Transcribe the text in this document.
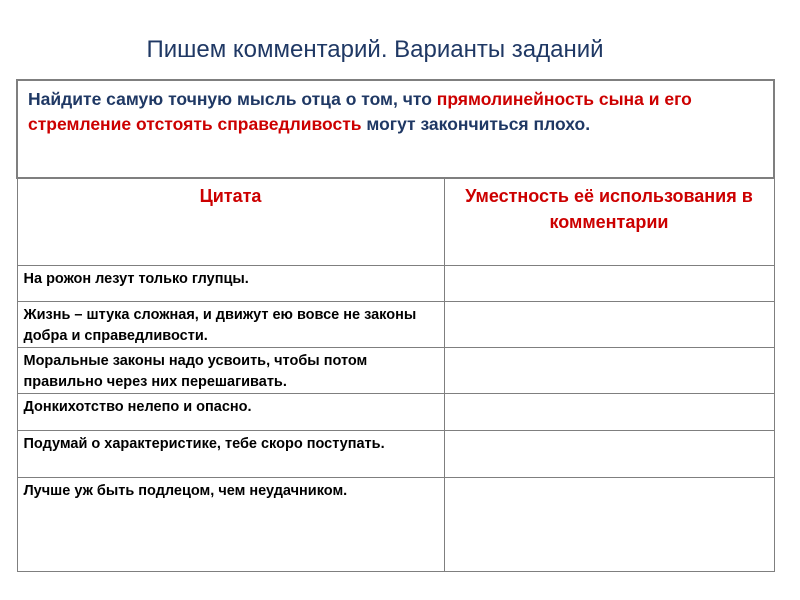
Пишем комментарий. Варианты заданий
Найдите самую точную мысль отца о том, что прямолинейность сына и его стремление отстоять справедливость могут закончиться плохо.	
Цитата	Уместность её использования в комментарии
На рожон лезут только глупцы.	
Жизнь – штука сложная, и движут ею вовсе не законы добра и справедливости.	
Моральные законы надо усвоить, чтобы потом правильно через них перешагивать.	
Донкихотство нелепо и опасно.	
Подумай о характеристике, тебе скоро поступать.	
Лучше уж быть подлецом, чем неудачником.	
